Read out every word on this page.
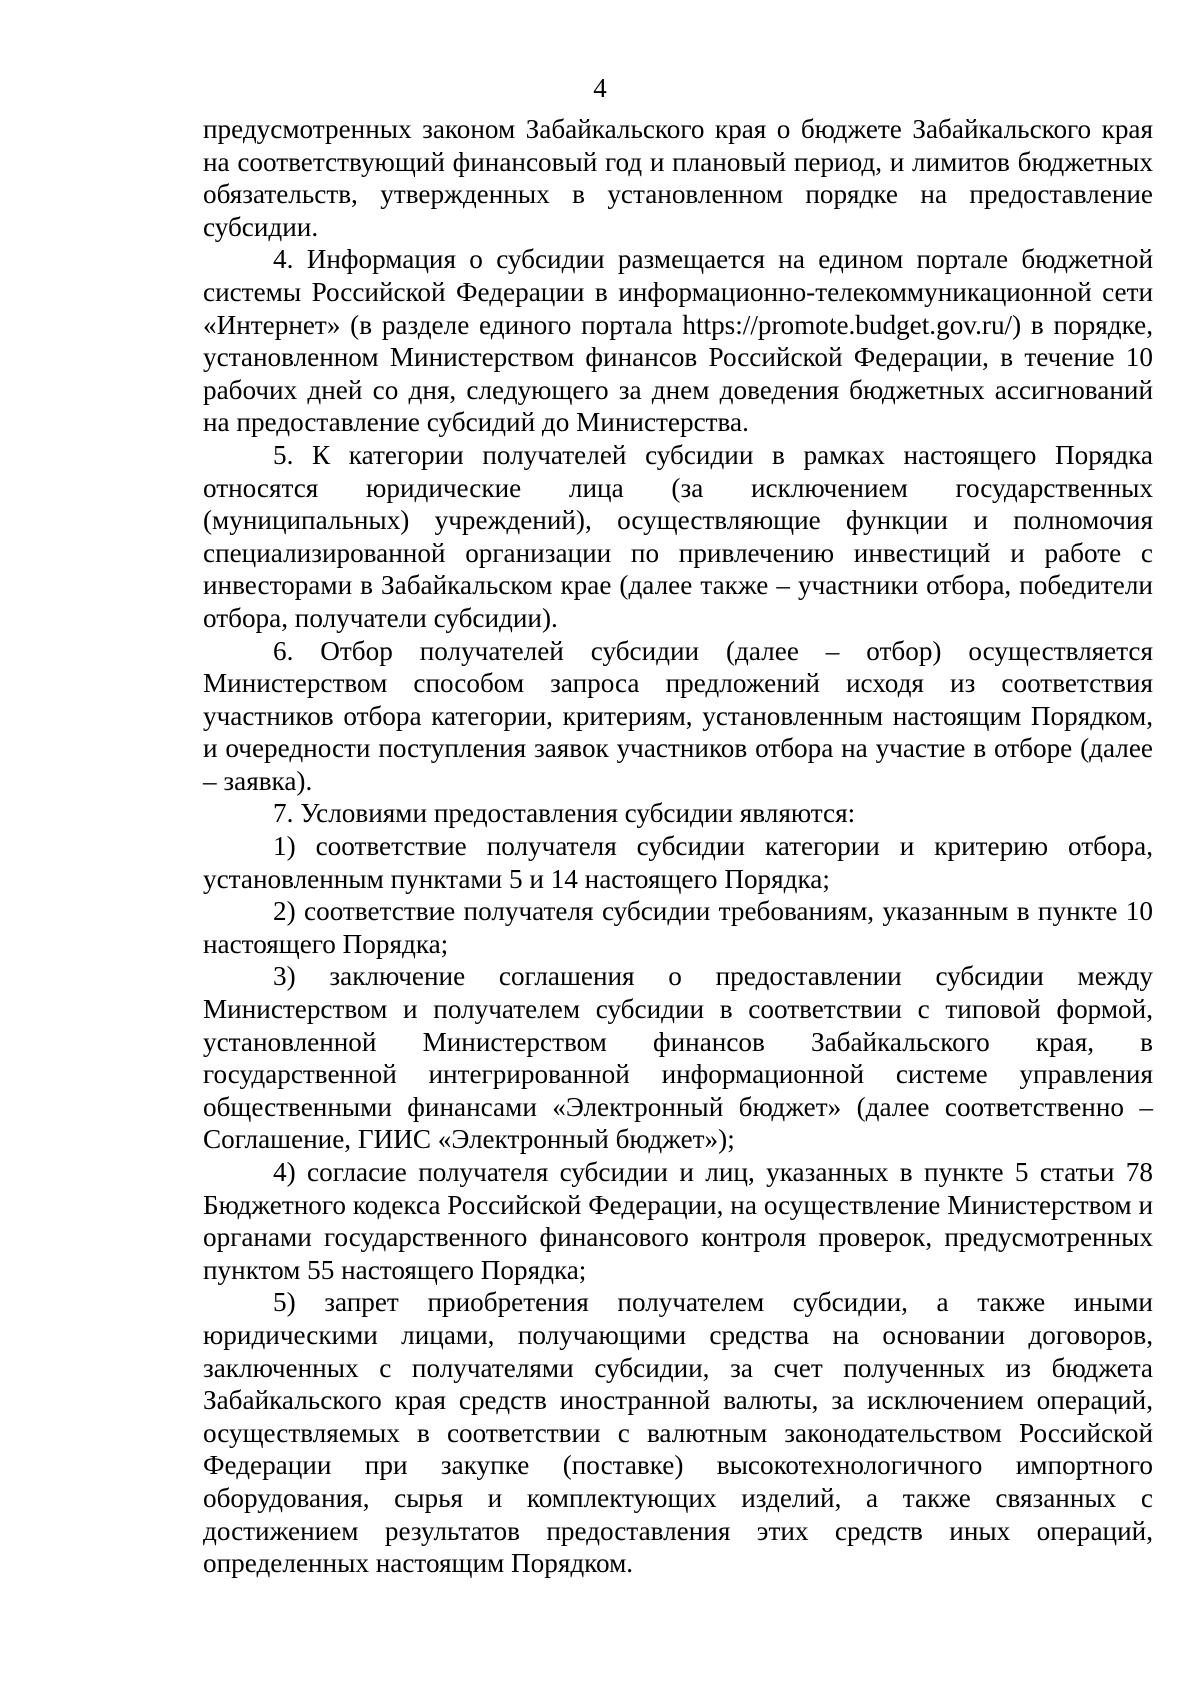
4

предусмотренных законом Забайкальского края о бюджете Забайкальского края на соответствующий финансовый год и плановый период, и лимитов бюджетных обязательств, утвержденных в установленном порядке на предоставление субсидии.

4. Информация о субсидии размещается на едином портале бюджетной системы Российской Федерации в информационно-телекоммуникационной сети «Интернет» (в разделе единого портала https://promote.budget.gov.ru/) в порядке, установленном Министерством финансов Российской Федерации, в течение 10 рабочих дней со дня, следующего за днем доведения бюджетных ассигнований на предоставление субсидий до Министерства.

5. К категории получателей субсидии в рамках настоящего Порядка относятся юридические лица (за исключением государственных (муниципальных) учреждений), осуществляющие функции и полномочия специализированной организации по привлечению инвестиций и работе с инвесторами в Забайкальском крае (далее также – участники отбора, победители отбора, получатели субсидии).

6. Отбор получателей субсидии (далее – отбор) осуществляется Министерством способом запроса предложений исходя из соответствия участников отбора категории, критериям, установленным настоящим Порядком, и очередности поступления заявок участников отбора на участие в отборе (далее – заявка).

7. Условиями предоставления субсидии являются:

1) соответствие получателя субсидии категории и критерию отбора, установленным пунктами 5 и 14 настоящего Порядка;

2) соответствие получателя субсидии требованиям, указанным в пункте 10 настоящего Порядка;

3) заключение соглашения о предоставлении субсидии между Министерством и получателем субсидии в соответствии с типовой формой, установленной Министерством финансов Забайкальского края, в государственной интегрированной информационной системе управления общественными финансами «Электронный бюджет» (далее соответственно – Соглашение, ГИИС «Электронный бюджет»);

4) согласие получателя субсидии и лиц, указанных в пункте 5 статьи 78 Бюджетного кодекса Российской Федерации, на осуществление Министерством и органами государственного финансового контроля проверок, предусмотренных пунктом 55 настоящего Порядка;

5) запрет приобретения получателем субсидии, а также иными юридическими лицами, получающими средства на основании договоров, заключенных с получателями субсидии, за счет полученных из бюджета Забайкальского края средств иностранной валюты, за исключением операций, осуществляемых в соответствии с валютным законодательством Российской Федерации при закупке (поставке) высокотехнологичного импортного оборудования, сырья и комплектующих изделий, а также связанных с достижением результатов предоставления этих средств иных операций, определенных настоящим Порядком.
